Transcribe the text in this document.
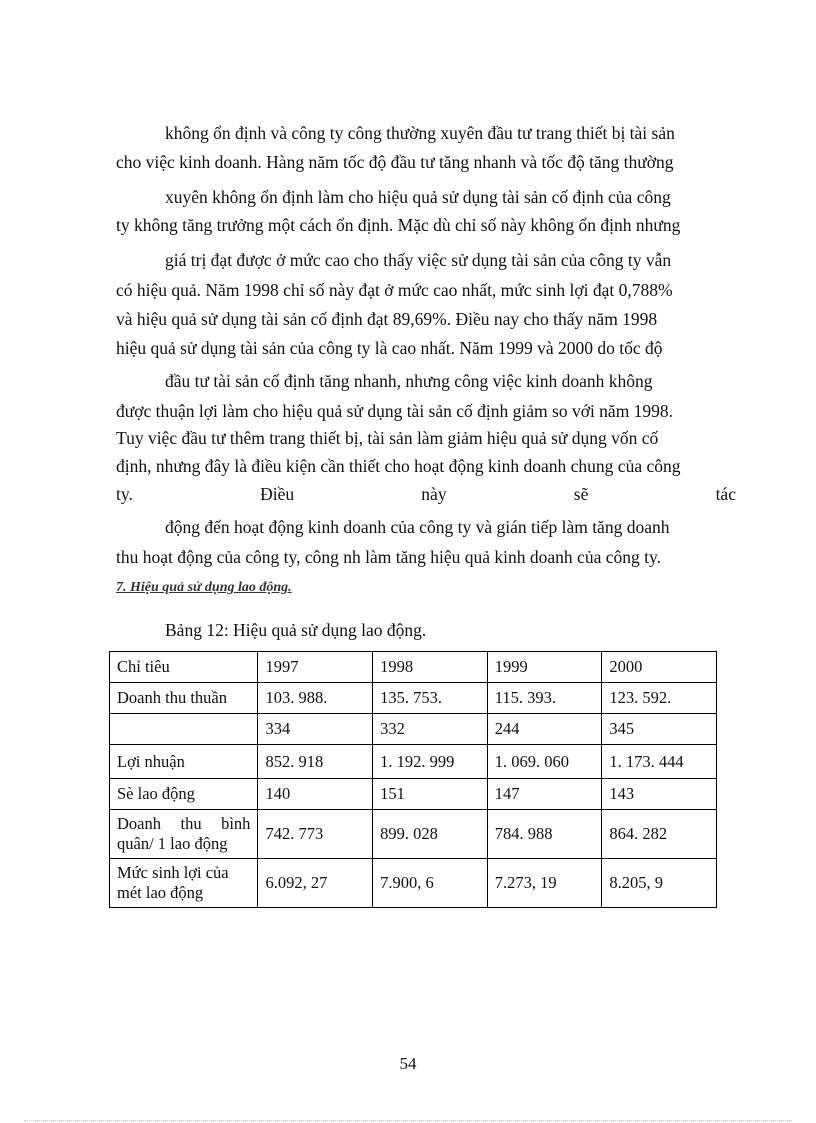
không ổn định và công ty công thường xuyên đầu tư trang thiết bị tài sản
cho việc kinh doanh. Hàng năm tốc độ đầu tư tăng nhanh và tốc độ tăng thường
xuyên không ổn định làm cho hiệu quả sử dụng tài sản cố định của công
ty không tăng trưởng một cách ổn định. Mặc dù chỉ số này không ổn định nhưng
giá trị đạt được ở mức cao cho thấy việc sử dụng tài sản của công ty vẫn
có hiệu quả. Năm 1998 chỉ số này đạt ở mức cao nhất, mức sinh lợi đạt 0,788%
và hiệu quả sử dụng tài sản cố định đạt 89,69%. Điều nay cho thấy năm 1998
hiệu quả sử dụng tài sản của công ty là cao nhất. Năm 1999 và 2000 do tốc độ
đầu tư tài sản cố định tăng nhanh, nhưng công việc kinh doanh không
được thuận lợi làm cho hiệu quả sử dụng tài sản cố định giảm so với năm 1998.
Tuy việc đầu tư thêm trang thiết bị, tài sản làm giảm hiệu quả sử dụng vốn cố
định, nhưng đây là điều kiện cần thiết cho hoạt động kinh doanh chung của công
ty.	Điều	này	sẽ	tác
động đến hoạt động kinh doanh của công ty và gián tiếp làm tăng doanh
thu hoạt động của công ty, công nh làm tăng hiệu quả kinh doanh của công ty.
7. Hiệu quả sử dụng lao động.
Bảng 12: Hiệu quả sử dụng lao động.
Chỉ tiêu	1997	1998	1999	2000
Doanh thu thuần	103. 988.	135. 753.	115. 393.	123. 592.
	334	332	244	345
Lợi nhuận	852. 918	1. 192. 999	1. 069. 060	1. 173. 444
Sè lao động	140	151	147	143
Doanh thu bình quân/ 1 lao động	742. 773	899. 028	784. 988	864. 282
Mức sinh lợi của mét lao động	6.092, 27	7.900, 6	7.273, 19	8.205, 9
54
